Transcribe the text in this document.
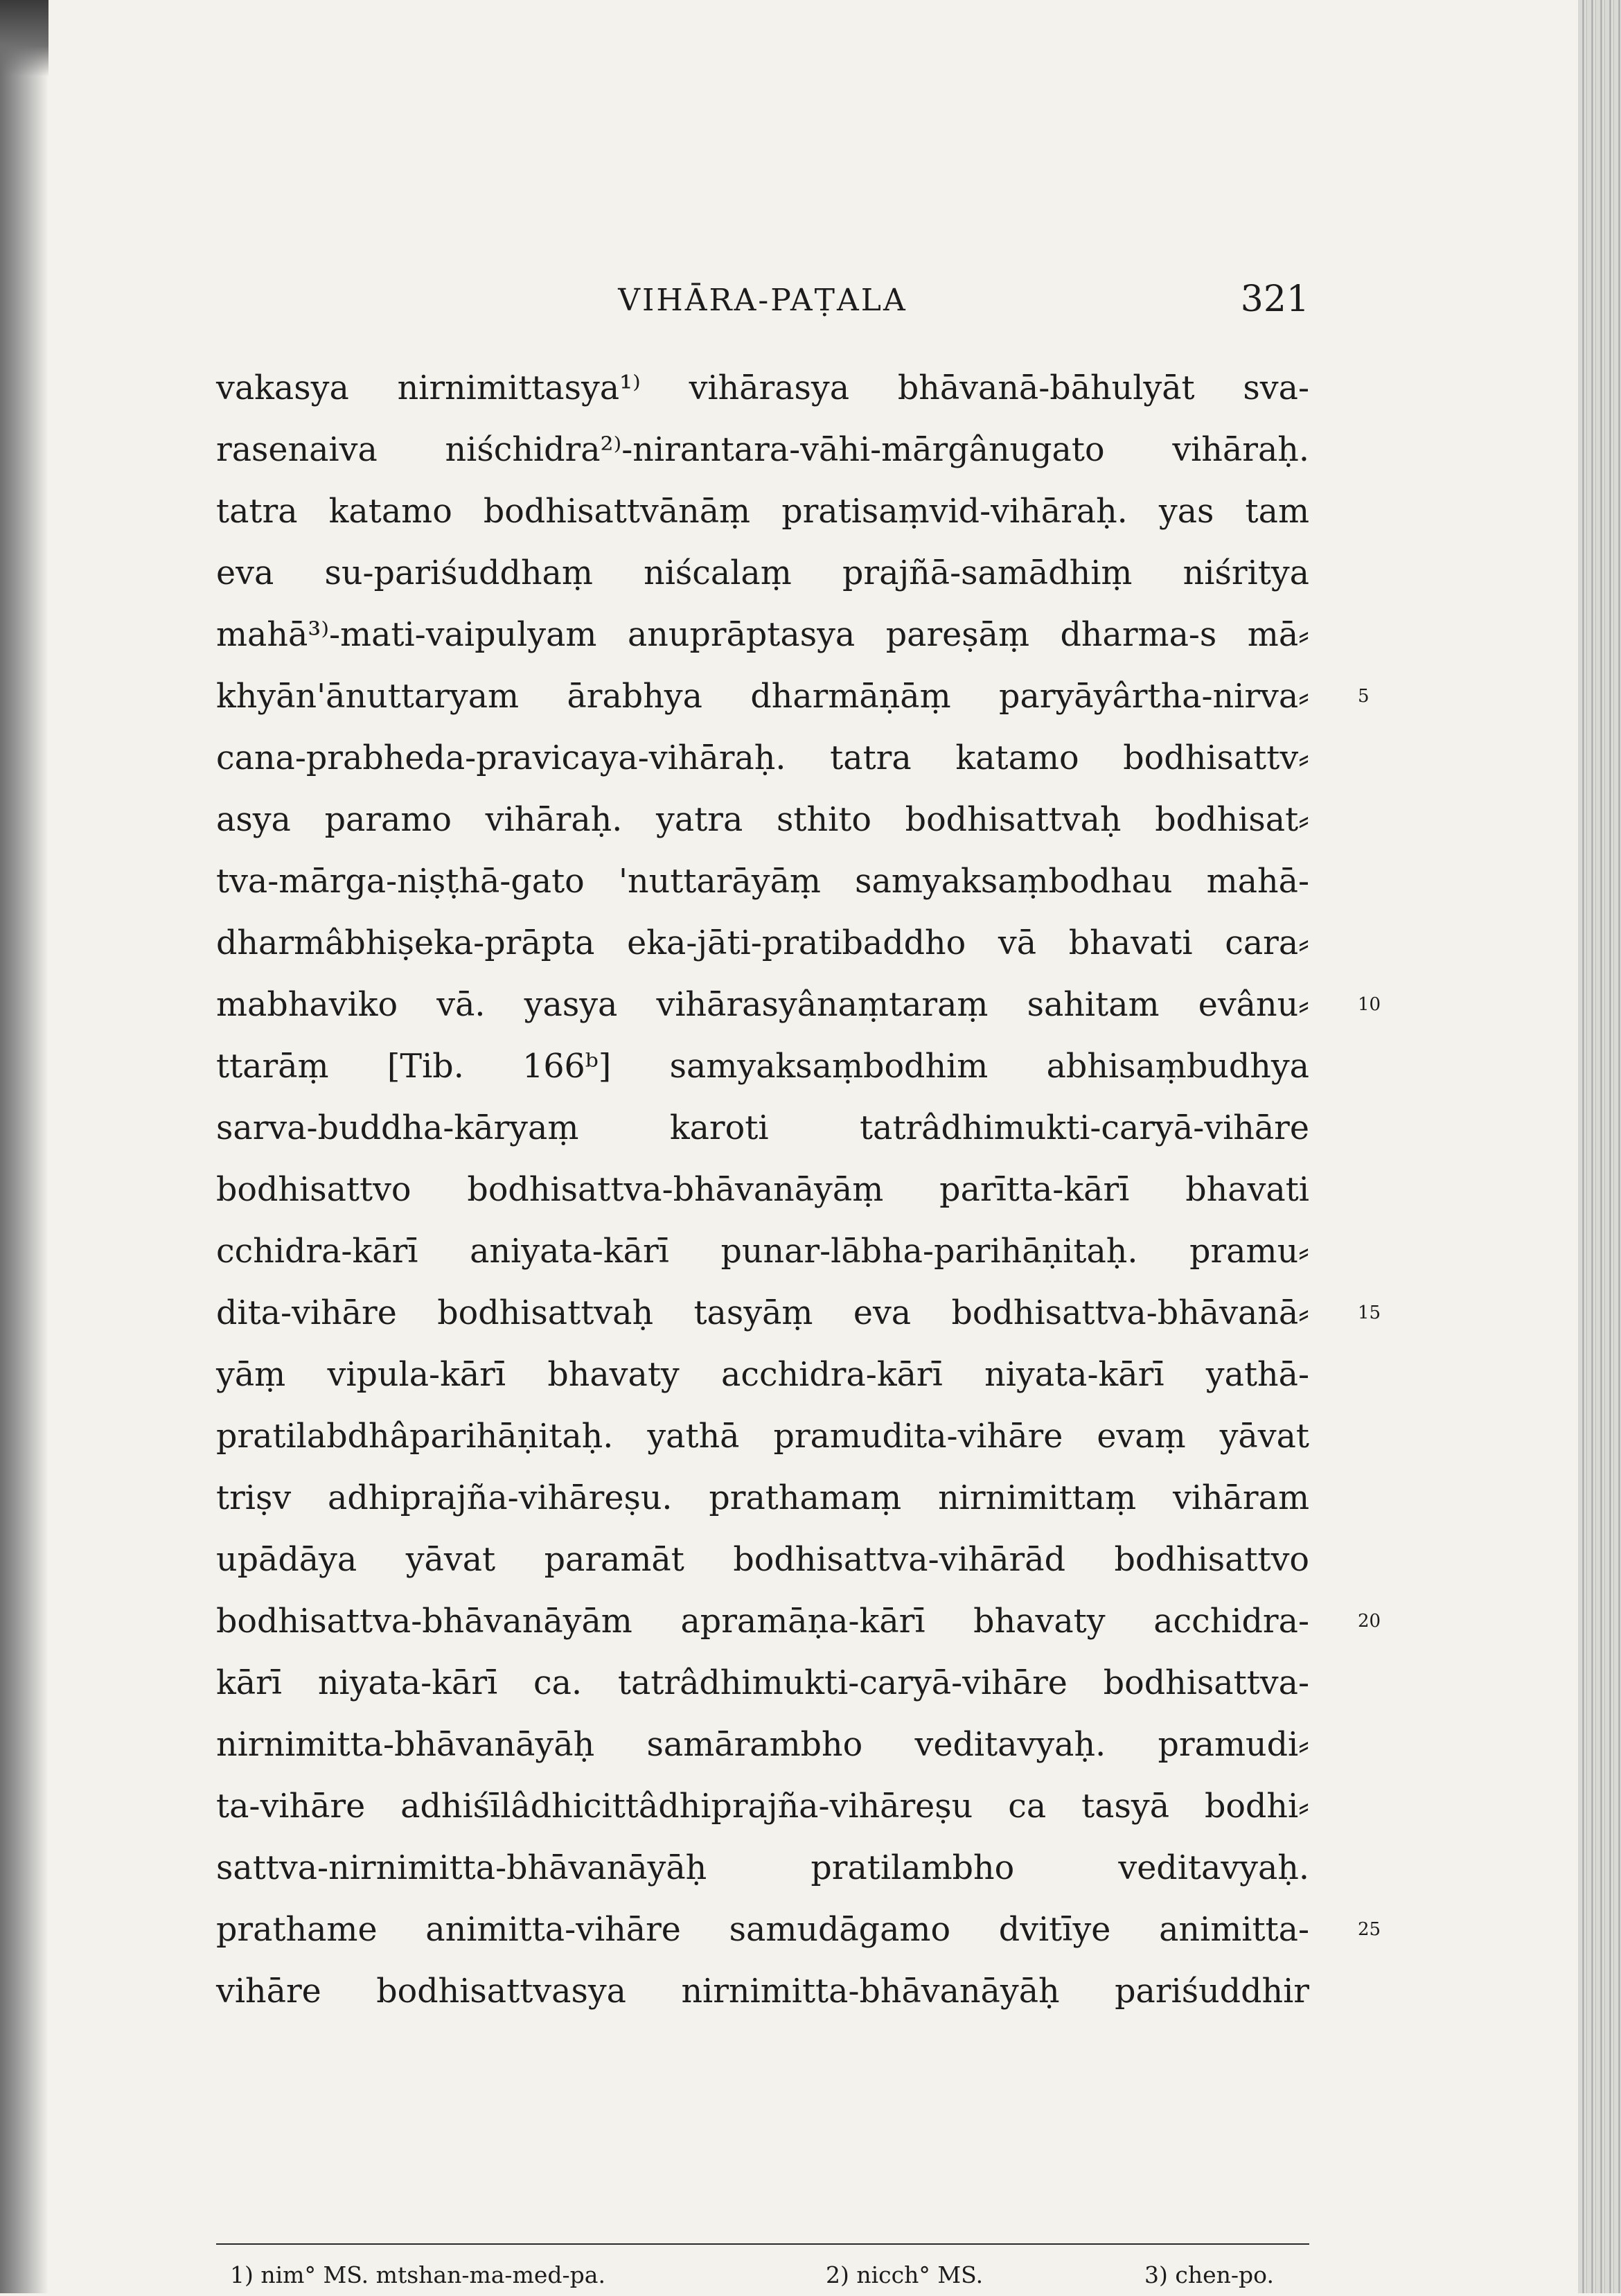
VIHĀRA-PAṬALA	321
vakasya nirnimittasya¹⁾ vihārasya bhāvanā-bāhulyāt sva-
rasenaiva niśchidra²⁾-nirantara-vāhi-mārgânugato vihāraḥ.
tatra katamo bodhisattvānāṃ pratisaṃvid-vihāraḥ. yas tam
eva su-pariśuddhaṃ niścalaṃ prajñā-samādhiṃ niśritya
mahā³⁾-mati-vaipulyam anuprāptasya pareṣāṃ dharma-s mā⸗
5
khyān'ānuttaryam ārabhya dharmāṇāṃ paryāyârtha-nirva⸗
cana-prabheda-pravicaya-vihāraḥ. tatra katamo bodhisattv⸗
asya paramo vihāraḥ. yatra sthito bodhisattvaḥ bodhisat⸗
tva-mārga-niṣṭhā-gato 'nuttarāyāṃ samyaksaṃbodhau mahā-
dharmâbhiṣeka-prāpta eka-jāti-pratibaddho vā bhavati cara⸗
10
mabhaviko vā. yasya vihārasyânaṃtaraṃ sahitam evânu⸗
ttarāṃ [Tib. 166ᵇ] samyaksaṃbodhim abhisaṃbudhya
sarva-buddha-kāryaṃ karoti tatrâdhimukti-caryā-vihāre
bodhisattvo bodhisattva-bhāvanāyāṃ parītta-kārī bhavati
cchidra-kārī aniyata-kārī punar-lābha-parihāṇitaḥ. pramu⸗
15
dita-vihāre bodhisattvaḥ tasyāṃ eva bodhisattva-bhāvanā⸗
yāṃ vipula-kārī bhavaty acchidra-kārī niyata-kārī yathā-
pratilabdhâparihāṇitaḥ. yathā pramudita-vihāre evaṃ yāvat
triṣv adhiprajña-vihāreṣu. prathamaṃ nirnimittaṃ vihāram
upādāya yāvat paramāt bodhisattva-vihārād bodhisattvo
20
bodhisattva-bhāvanāyām apramāṇa-kārī bhavaty acchidra-
kārī niyata-kārī ca. tatrâdhimukti-caryā-vihāre bodhisattva-
nirnimitta-bhāvanāyāḥ samārambho veditavyaḥ. pramudi⸗
ta-vihāre adhiśīlâdhicittâdhiprajña-vihāreṣu ca tasyā bodhi⸗
sattva-nirnimitta-bhāvanāyāḥ pratilambho veditavyaḥ.
25
prathame animitta-vihāre samudāgamo dvitīye animitta-
vihāre bodhisattvasya nirnimitta-bhāvanāyāḥ pariśuddhir
1) nim° MS. mtshan-ma-med-pa.	2) nicch° MS.	3) chen-po.
